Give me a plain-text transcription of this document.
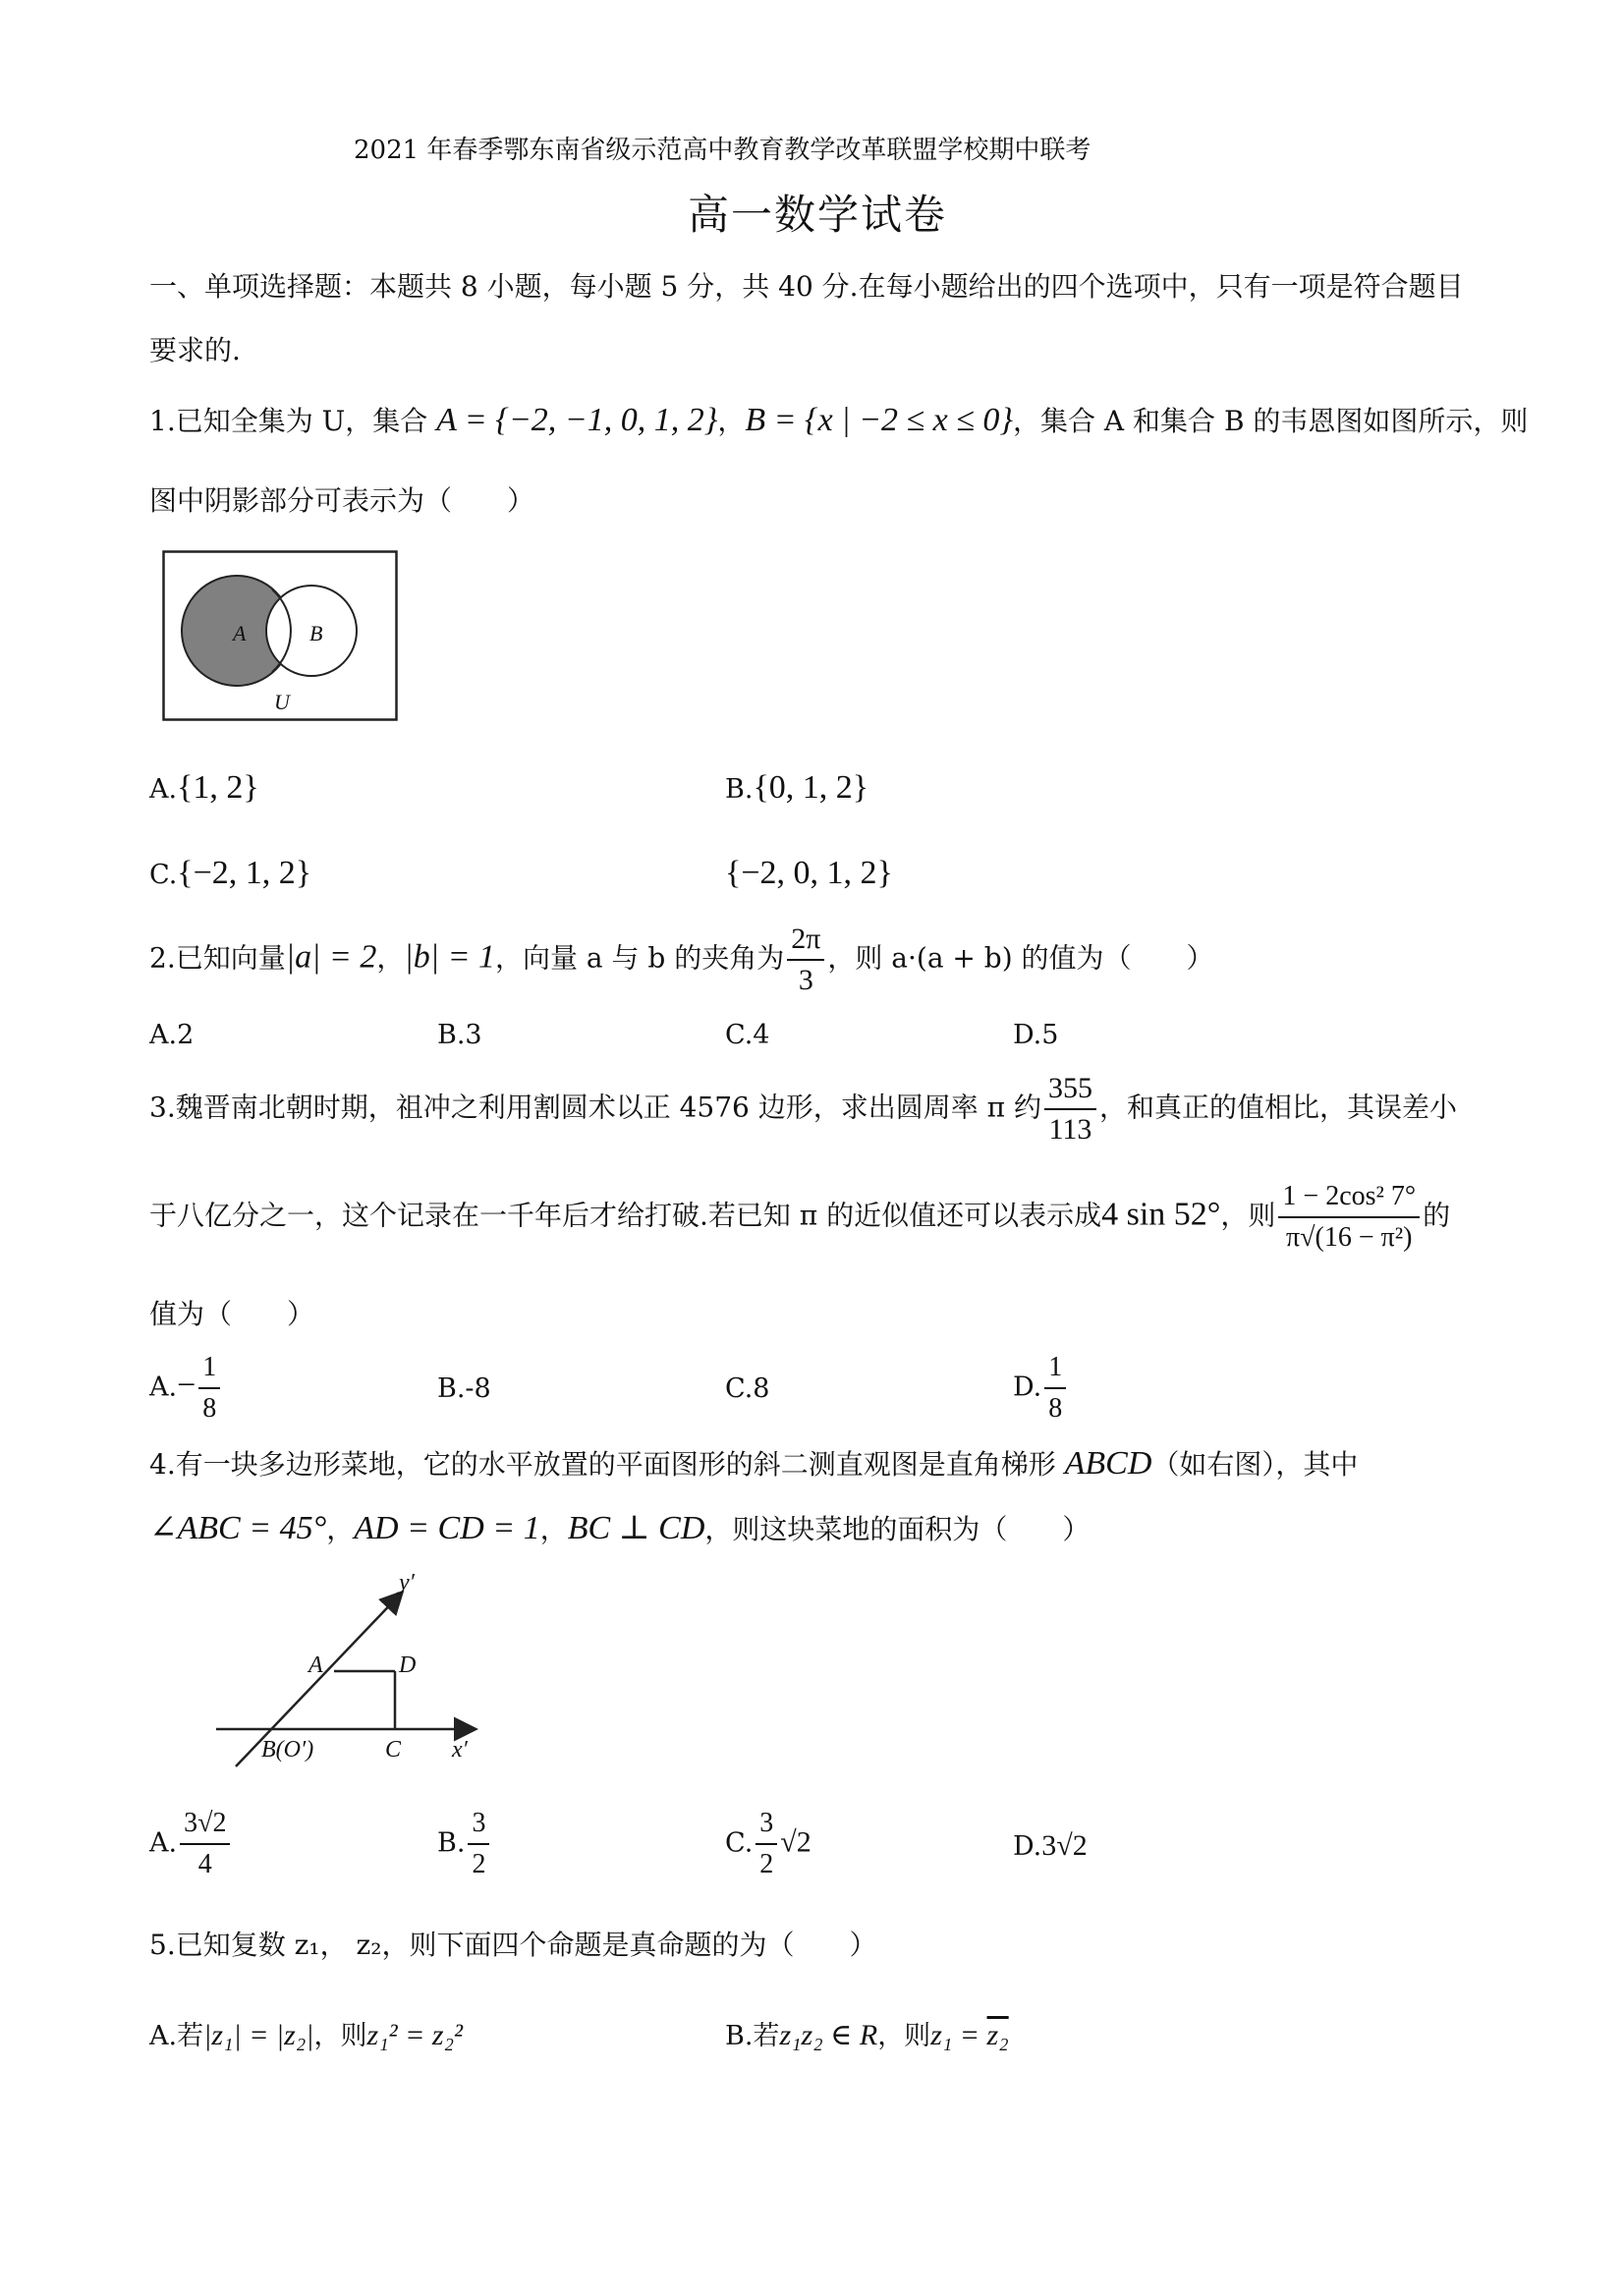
2021 年春季鄂东南省级示范高中教育教学改革联盟学校期中联考
高一数学试卷
一、单项选择题：本题共 8 小题，每小题 5 分，共 40 分.在每小题给出的四个选项中，只有一项是符合题目
要求的.
1.已知全集为 U，集合 A = {−2, −1, 0, 1, 2}，B = {x | −2 ≤ x ≤ 0}，集合 A 和集合 B 的韦恩图如图所示，则
图中阴影部分可表示为（　　）
A	B
U
A.{1, 2}	B.{0, 1, 2}
C.{−2, 1, 2}	{−2, 0, 1, 2}
2.已知向量|a| = 2，|b| = 1，向量 a 与 b 的夹角为 $\frac{2\pi}{3}$ ，则 a·(a + b) 的值为（　　）
A.2	B.3	C.4	D.5
3.魏晋南北朝时期，祖冲之利用割圆术以正 4576 边形，求出圆周率 π 约 $\frac{355}{113}$ ，和真正的值相比，其误差小
于八亿分之一，这个记录在一千年后才给打破.若已知 π 的近似值还可以表示成4 sin 52°，则 $\frac{\text{1 − 2cos² 7°}}{\text{π√(16 − π²)}}$ 的
值为（　　）
$A.- \frac{1}{8}$	B.-8	C.8	D. $\frac{1}{8}$
4.有一块多边形菜地，它的水平放置的平面图形的斜二测直观图是直角梯形 ABCD（如右图），其中
∠ABC = 45°，AD = CD = 1，BC ⊥ CD，则这块菜地的面积为（　　）
y′
A	D
B(O′)	C x′
A. $\frac{3√2}{4}$	B. $\frac{3}{2}$	C. $\frac{3}{2} √2$	D.3√2
5.已知复数 z₁， z₂，则下面四个命题是真命题的为（　　）
A.若|z₁| = |z₂|，则z₁² = z₂²	B.若z₁z₂ ∈ R，则z₁ = z₂
